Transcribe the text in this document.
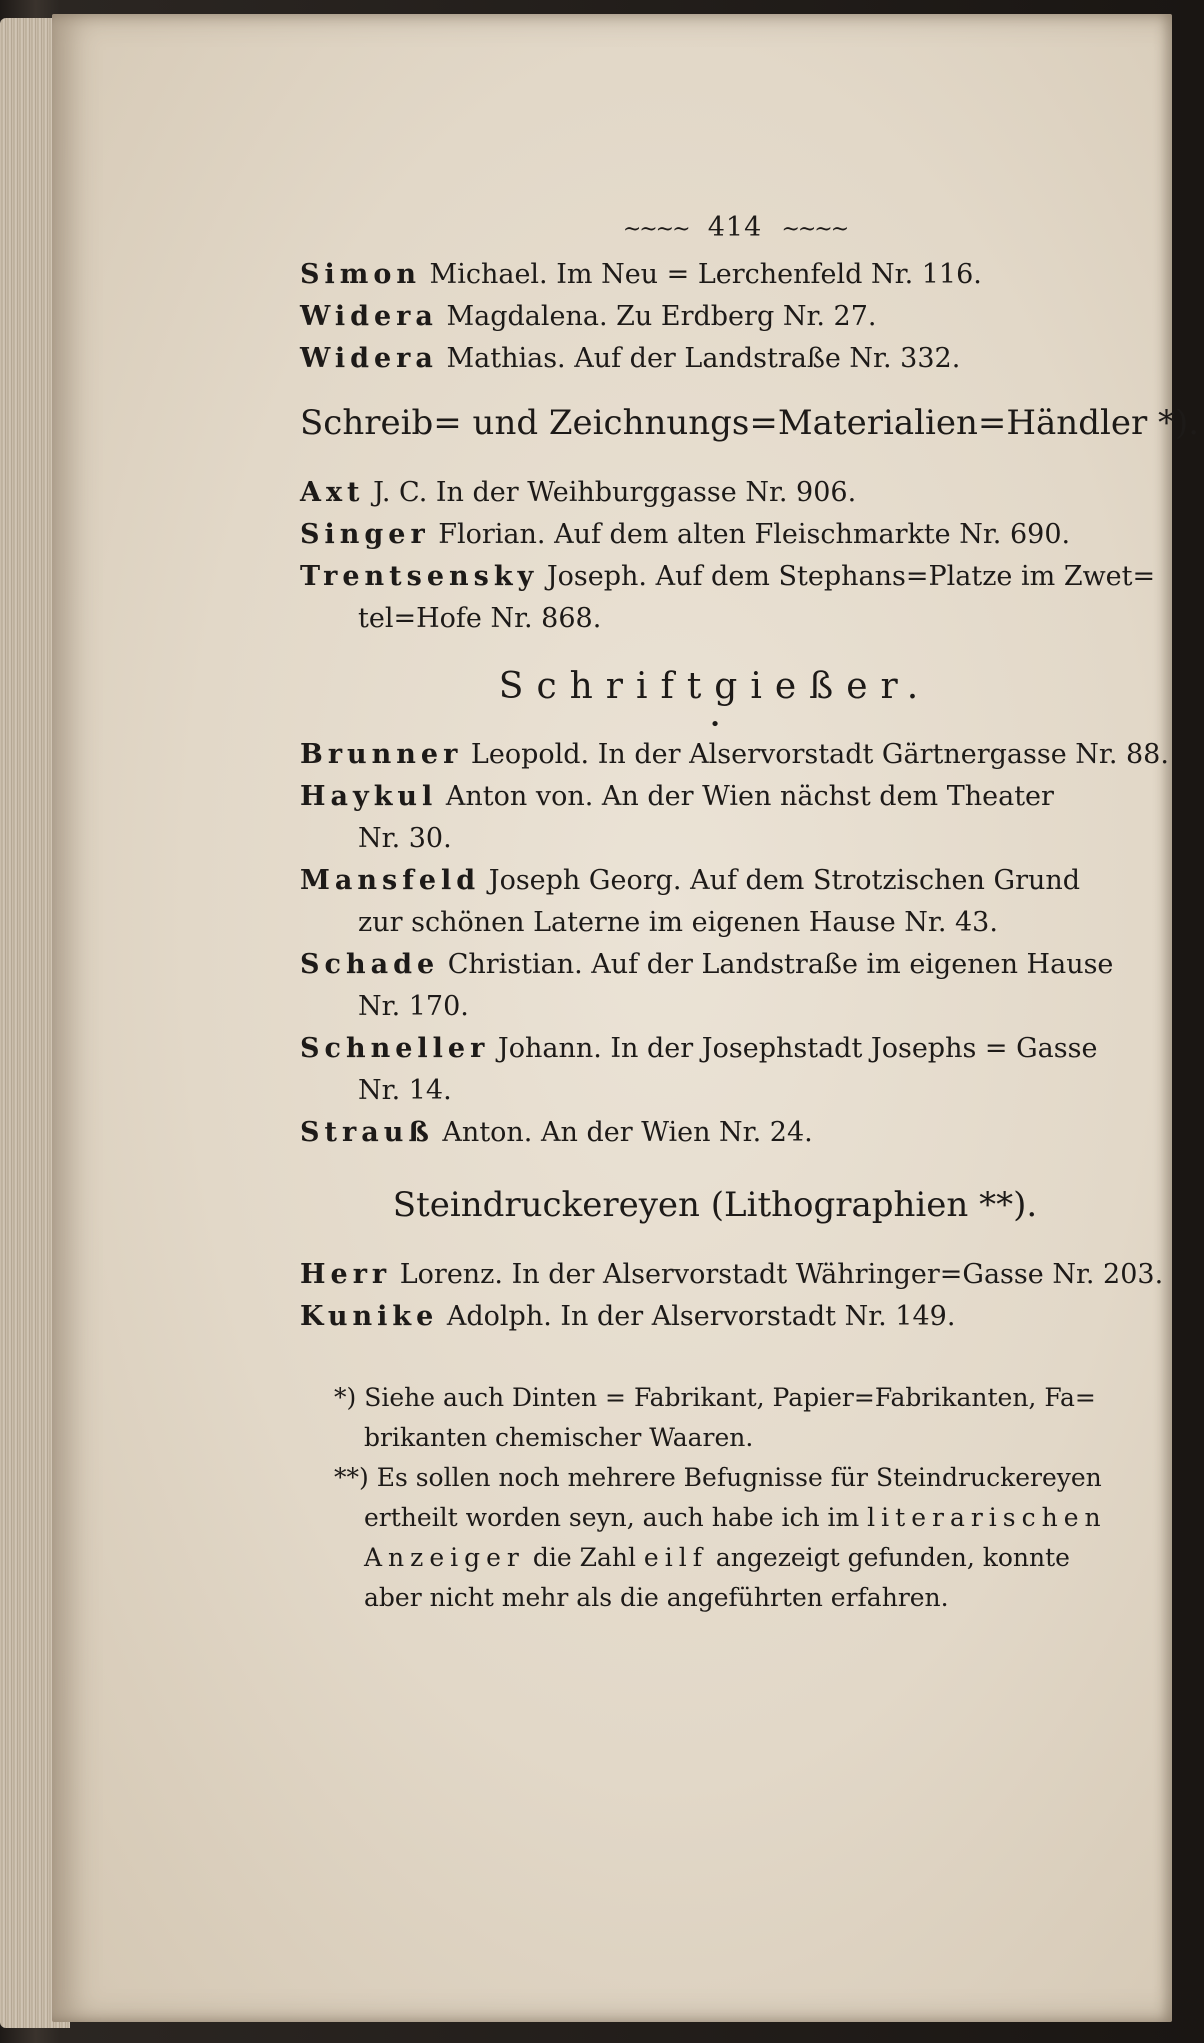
~~~~ 414 ~~~~
Simon Michael. Im Neu = Lerchenfeld Nr. 116.
Widera Magdalena. Zu Erdberg Nr. 27.
Widera Mathias. Auf der Landstraße Nr. 332.
Schreib= und Zeichnungs=Materialien=Händler *).
Axt J. C. In der Weihburggasse Nr. 906.
Singer Florian. Auf dem alten Fleischmarkte Nr. 690.
Trentsensky Joseph. Auf dem Stephans=Platze im Zwet=
tel=Hofe Nr. 868.
Schriftgießer.
•
Brunner Leopold. In der Alservorstadt Gärtnergasse Nr. 88.
Haykul Anton von. An der Wien nächst dem Theater
Nr. 30.
Mansfeld Joseph Georg. Auf dem Strotzischen Grund
zur schönen Laterne im eigenen Hause Nr. 43.
Schade Christian. Auf der Landstraße im eigenen Hause
Nr. 170.
Schneller Johann. In der Josephstadt Josephs = Gasse
Nr. 14.
Strauß Anton. An der Wien Nr. 24.
Steindruckereyen (Lithographien **).
Herr Lorenz. In der Alservorstadt Währinger=Gasse Nr. 203.
Kunike Adolph. In der Alservorstadt Nr. 149.
*) Siehe auch Dinten = Fabrikant, Papier=Fabrikanten, Fa=
brikanten chemischer Waaren.
**) Es sollen noch mehrere Befugnisse für Steindruckereyen
ertheilt worden seyn, auch habe ich im literarischen
Anzeiger die Zahl eilf angezeigt gefunden, konnte
aber nicht mehr als die angeführten erfahren.
